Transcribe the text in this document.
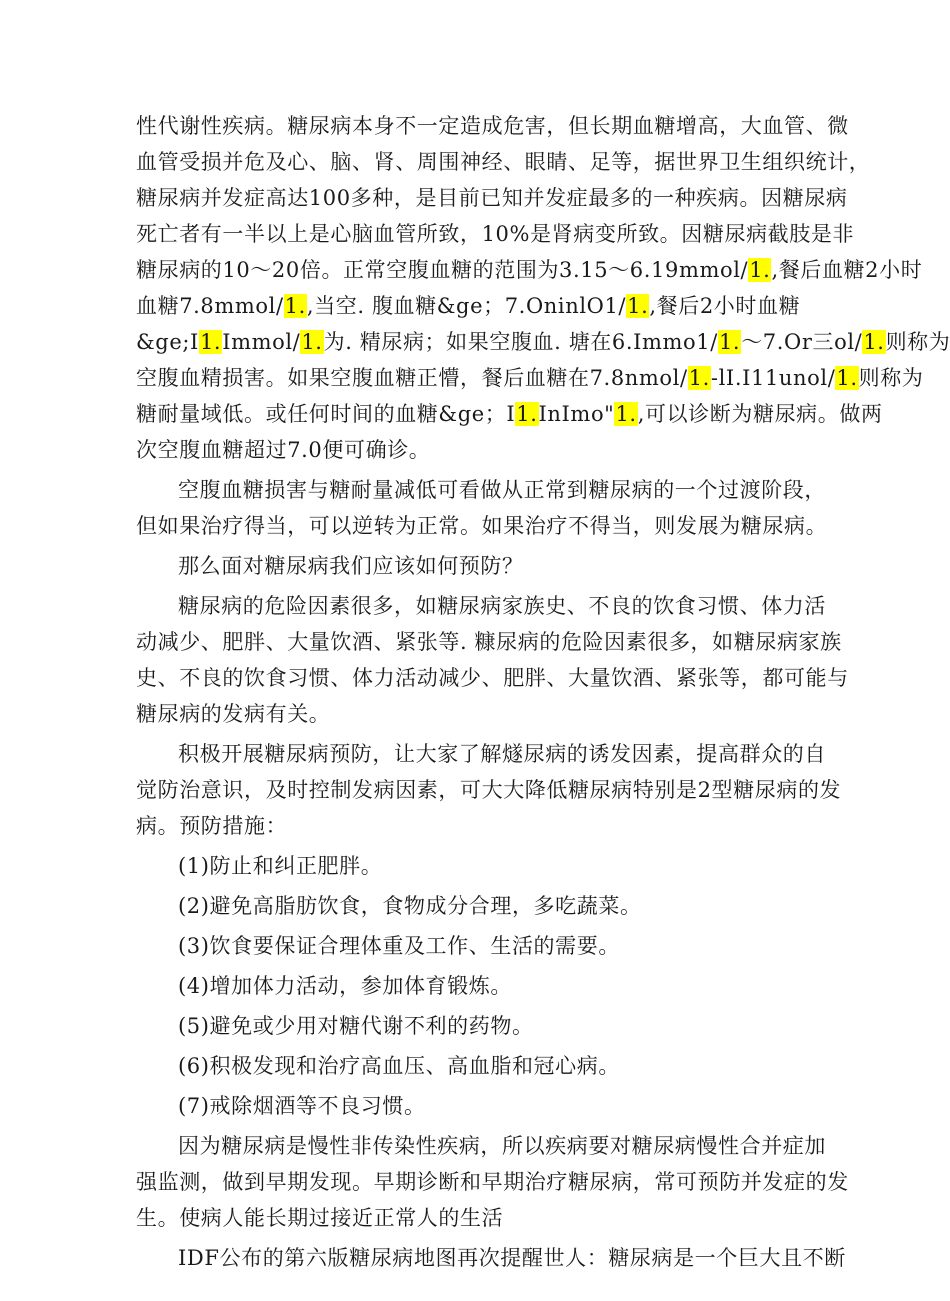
性代谢性疾病。糖尿病本身不一定造成危害，但长期血糖增高，大血管、微
血管受损并危及心、脑、肾、周围神经、眼睛、足等，据世界卫生组织统计，
糖尿病并发症高达100多种，是目前已知并发症最多的一种疾病。因糖尿病
死亡者有一半以上是心脑血管所致，10%是肾病变所致。因糖尿病截肢是非
糖尿病的10〜20倍。正常空腹血糖的范围为3.15〜6.19mmol/1.,餐后血糖2小时
血糖7.8mmol/1.,当空. 腹血糖&ge；7.OninlO1/1.,餐后2小时血糖
&ge;I1.Immol/1.为. 精尿病；如果空腹血. 塘在6.Immo1/1.〜7.Or三ol/1.则称为
空腹血精损害。如果空腹血糖正懵，餐后血糖在7.8nmol/1.-lI.I11unol/1.则称为
糖耐量域低。或任何时间的血糖&ge；I1.InImo"1.,可以诊断为糖尿病。做两
次空腹血糖超过7.0便可确诊。
空腹血糖损害与糖耐量减低可看做从正常到糖尿病的一个过渡阶段，
但如果治疗得当，可以逆转为正常。如果治疗不得当，则发展为糖尿病。
那么面对糖尿病我们应该如何预防？
糖尿病的危险因素很多，如糖尿病家族史、不良的饮食习惯、体力活
动减少、肥胖、大量饮酒、紧张等. 糠尿病的危险因素很多，如糖尿病家族
史、不良的饮食习惯、体力活动减少、肥胖、大量饮酒、紧张等，都可能与
糖尿病的发病有关。
积极开展糖尿病预防，让大家了解燧尿病的诱发因素，提高群众的自
觉防治意识，及时控制发病因素，可大大降低糖尿病特别是2型糖尿病的发
病。预防措施：
(1)防止和纠正肥胖。
(2)避免高脂肪饮食，食物成分合理，多吃蔬菜。
(3)饮食要保证合理体重及工作、生活的需要。
(4)增加体力活动，参加体育锻炼。
(5)避免或少用对糖代谢不利的药物。
(6)积极发现和治疗高血压、高血脂和冠心病。
(7)戒除烟酒等不良习惯。
因为糖尿病是慢性非传染性疾病，所以疾病要对糖尿病慢性合并症加
强监测，做到早期发现。早期诊断和早期治疗糖尿病，常可预防并发症的发
生。使病人能长期过接近正常人的生活
IDF公布的第六版糖尿病地图再次提醒世人：糖尿病是一个巨大且不断
